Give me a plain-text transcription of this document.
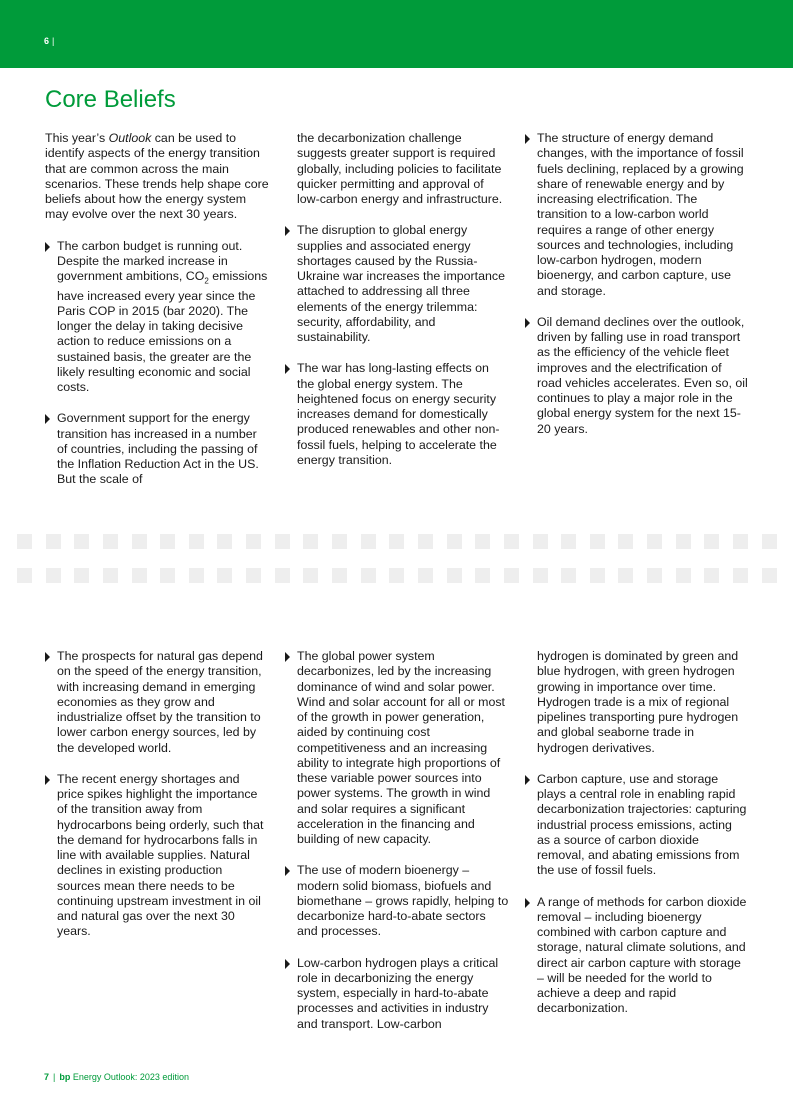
6 |
Core Beliefs

This year’s Outlook can be used to identify aspects of the energy transition that are common across the main scenarios. These trends help shape core beliefs about how the energy system may evolve over the next 30 years.

The carbon budget is running out. Despite the marked increase in government ambitions, $CO_2$ emissions have increased every year since the Paris COP in 2015 (bar 2020). The longer the delay in taking decisive action to reduce emissions on a sustained basis, the greater are the likely resulting economic and social costs.
Government support for the energy transition has increased in a number of countries, including the passing of the Inflation Reduction Act in the US. But the scale of

the decarbonization challenge suggests greater support is required globally, including policies to facilitate quicker permitting and approval of low-carbon energy and infrastructure.

The disruption to global energy supplies and associated energy shortages caused by the Russia-Ukraine war increases the importance attached to addressing all three elements of the energy trilemma: security, affordability, and sustainability.
The war has long-lasting effects on the global energy system. The heightened focus on energy security increases demand for domestically produced renewables and other non-fossil fuels, helping to accelerate the energy transition.
The structure of energy demand changes, with the importance of fossil fuels declining, replaced by a growing share of renewable energy and by increasing electrification. The transition to a low-carbon world requires a range of other energy sources and technologies, including low-carbon hydrogen, modern bioenergy, and carbon capture, use and storage.
Oil demand declines over the outlook, driven by falling use in road transport as the efficiency of the vehicle fleet improves and the electrification of road vehicles accelerates. Even so, oil continues to play a major role in the global energy system for the next 15-20 years.
The prospects for natural gas depend on the speed of the energy transition, with increasing demand in emerging economies as they grow and industrialize offset by the transition to lower carbon energy sources, led by the developed world.
The recent energy shortages and price spikes highlight the importance of the transition away from hydrocarbons being orderly, such that the demand for hydrocarbons falls in line with available supplies. Natural declines in existing production sources mean there needs to be continuing upstream investment in oil and natural gas over the next 30 years.
The global power system decarbonizes, led by the increasing dominance of wind and solar power. Wind and solar account for all or most of the growth in power generation, aided by continuing cost competitiveness and an increasing ability to integrate high proportions of these variable power sources into power systems. The growth in wind and solar requires a significant acceleration in the financing and building of new capacity.
The use of modern bioenergy – modern solid biomass, biofuels and biomethane – grows rapidly, helping to decarbonize hard-to-abate sectors and processes.
Low-carbon hydrogen plays a critical role in decarbonizing the energy system, especially in hard-to-abate processes and activities in industry and transport. Low-carbon

hydrogen is dominated by green and blue hydrogen, with green hydrogen growing in importance over time. Hydrogen trade is a mix of regional pipelines transporting pure hydrogen and global seaborne trade in hydrogen derivatives.

Carbon capture, use and storage plays a central role in enabling rapid decarbonization trajectories: capturing industrial process emissions, acting as a source of carbon dioxide removal, and abating emissions from the use of fossil fuels.
A range of methods for carbon dioxide removal – including bioenergy combined with carbon capture and storage, natural climate solutions, and direct air carbon capture with storage – will be needed for the world to achieve a deep and rapid decarbonization.
7 | bp Energy Outlook: 2023 edition
